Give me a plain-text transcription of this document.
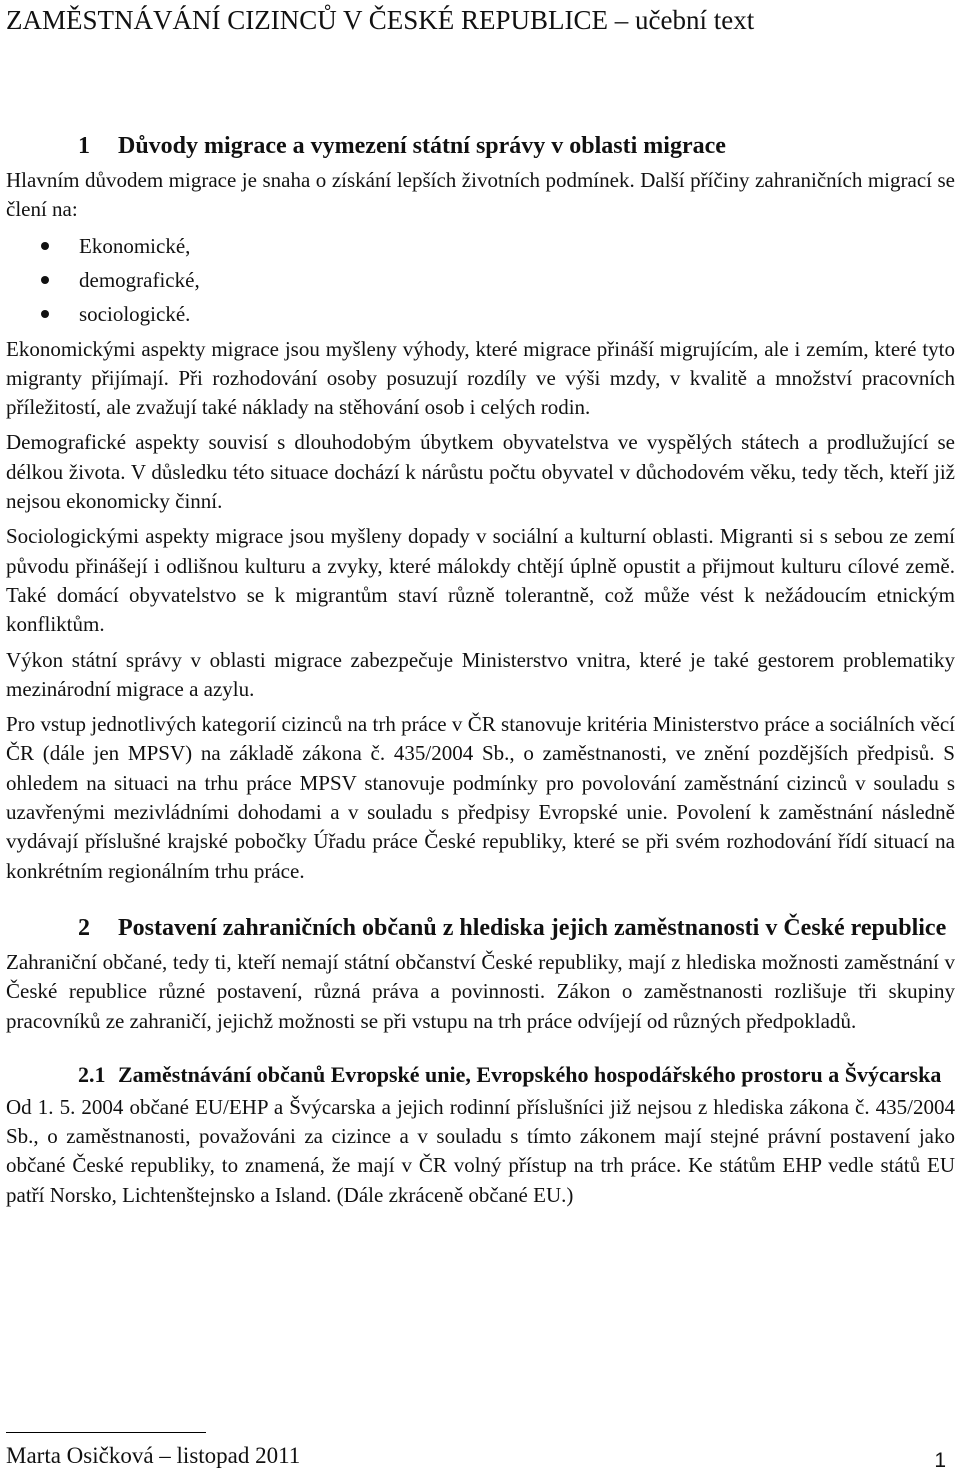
ZAMĚSTNÁVÁNÍ CIZINCŮ V ČESKÉ REPUBLICE – učební text
1	Důvody migrace a vymezení státní správy v oblasti migrace

Hlavním důvodem migrace je snaha o získání lepších životních podmínek. Další příčiny zahraničních migrací se člení na:

Ekonomické,
demografické,
sociologické.

Ekonomickými aspekty migrace jsou myšleny výhody, které migrace přináší migrujícím, ale i zemím, které tyto migranty přijímají. Při rozhodování osoby posuzují rozdíly ve výši mzdy, v kvalitě a množství pracovních příležitostí, ale zvažují také náklady na stěhování osob i celých rodin.

Demografické aspekty souvisí s dlouhodobým úbytkem obyvatelstva ve vyspělých státech a prodlužující se délkou života. V důsledku této situace dochází k nárůstu počtu obyvatel v důchodovém věku, tedy těch, kteří již nejsou ekonomicky činní.

Sociologickými aspekty migrace jsou myšleny dopady v sociální a kulturní oblasti. Migranti si s sebou ze zemí původu přinášejí i odlišnou kulturu a zvyky, které málokdy chtějí úplně opustit a přijmout kulturu cílové země. Také domácí obyvatelstvo se k migrantům staví různě tolerantně, což může vést k nežádoucím etnickým konfliktům.

Výkon státní správy v oblasti migrace zabezpečuje Ministerstvo vnitra, které je také gestorem problematiky mezinárodní migrace a azylu.

Pro vstup jednotlivých kategorií cizinců na trh práce v ČR stanovuje kritéria Ministerstvo práce a sociálních věcí ČR (dále jen MPSV) na základě zákona č. 435/2004 Sb., o zaměstnanosti, ve znění pozdějších předpisů. S ohledem na situaci na trhu práce MPSV stanovuje podmínky pro povolování zaměstnání cizinců v souladu s uzavřenými mezivládními dohodami a v souladu s předpisy Evropské unie. Povolení k zaměstnání následně vydávají příslušné krajské pobočky Úřadu práce České republiky, které se při svém rozhodování řídí situací na konkrétním regionálním trhu práce.

2	Postavení zahraničních občanů z hlediska jejich zaměstnanosti v České republice

Zahraniční občané, tedy ti, kteří nemají státní občanství České republiky, mají z hlediska možnosti zaměstnání v České republice různé postavení, různá práva a povinnosti. Zákon o zaměstnanosti rozlišuje tři skupiny pracovníků ze zahraničí, jejichž možnosti se při vstupu na trh práce odvíjejí od různých předpokladů.

2.1 Zaměstnávání občanů Evropské unie, Evropského hospodářského prostoru a Švýcarska

Od 1. 5. 2004 občané EU/EHP a Švýcarska a jejich rodinní příslušníci již nejsou z hlediska zákona č. 435/2004 Sb., o zaměstnanosti, považováni za cizince a v souladu s tímto zákonem mají stejné právní postavení jako občané České republiky, to znamená, že mají v ČR volný přístup na trh práce. Ke státům EHP vedle států EU patří Norsko, Lichtenštejnsko a Island. (Dále zkráceně občané EU.)

Marta Osičková – listopad 2011	1
